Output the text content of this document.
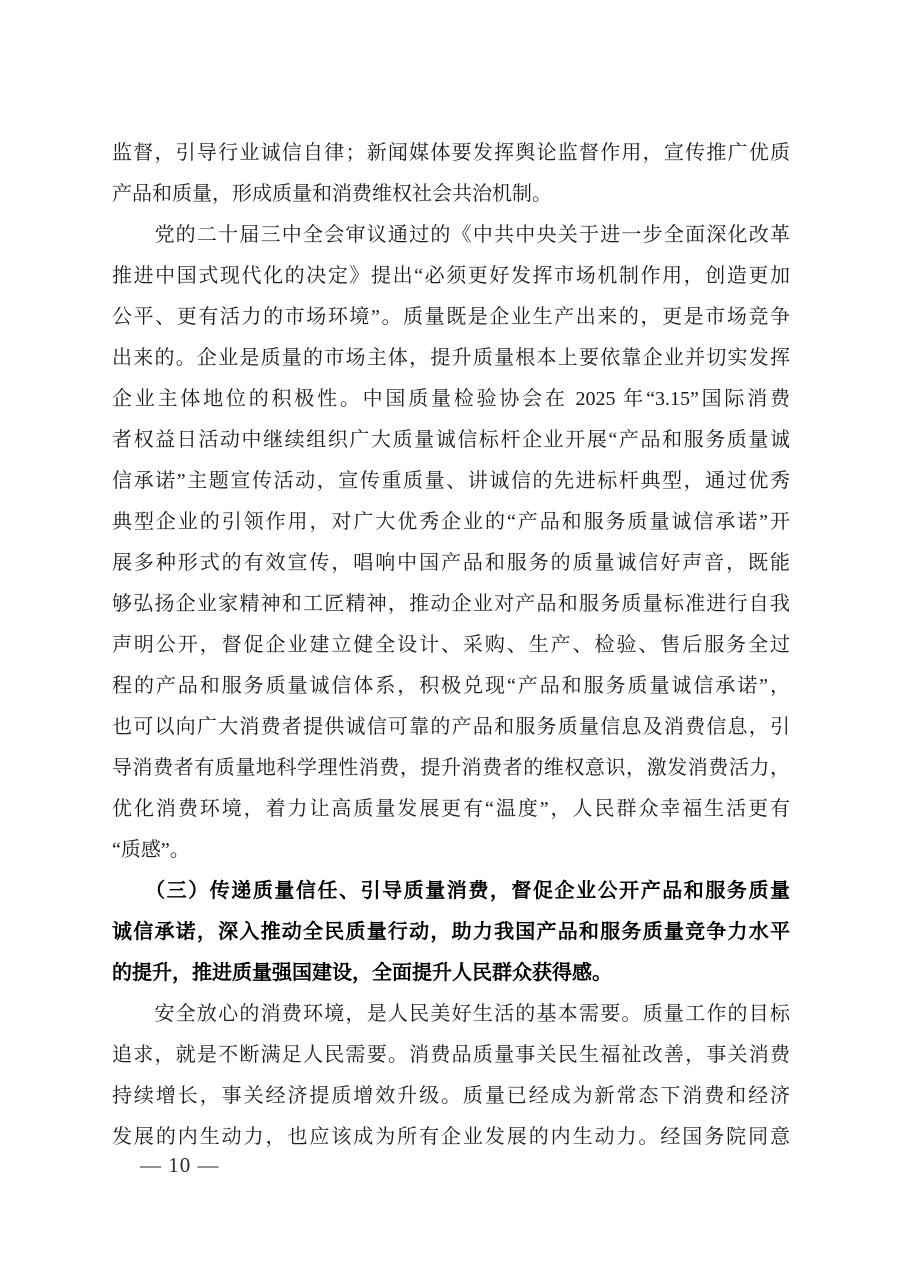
监督，引导行业诚信自律；新闻媒体要发挥舆论监督作用，宣传推广优质
产品和质量，形成质量和消费维权社会共治机制。
　　党的二十届三中全会审议通过的《中共中央关于进一步全面深化改革
推进中国式现代化的决定》提出“必须更好发挥市场机制作用，创造更加
公平、更有活力的市场环境”。质量既是企业生产出来的，更是市场竞争
出来的。企业是质量的市场主体，提升质量根本上要依靠企业并切实发挥
企业主体地位的积极性。中国质量检验协会在 2025 年“3.15”国际消费
者权益日活动中继续组织广大质量诚信标杆企业开展“产品和服务质量诚
信承诺”主题宣传活动，宣传重质量、讲诚信的先进标杆典型，通过优秀
典型企业的引领作用，对广大优秀企业的“产品和服务质量诚信承诺”开
展多种形式的有效宣传，唱响中国产品和服务的质量诚信好声音，既能
够弘扬企业家精神和工匠精神，推动企业对产品和服务质量标准进行自我
声明公开，督促企业建立健全设计、采购、生产、检验、售后服务全过
程的产品和服务质量诚信体系，积极兑现“产品和服务质量诚信承诺”，
也可以向广大消费者提供诚信可靠的产品和服务质量信息及消费信息，引
导消费者有质量地科学理性消费，提升消费者的维权意识，激发消费活力，
优化消费环境，着力让高质量发展更有“温度”，人民群众幸福生活更有
“质感”。
　　（三）传递质量信任、引导质量消费，督促企业公开产品和服务质量
诚信承诺，深入推动全民质量行动，助力我国产品和服务质量竞争力水平
的提升，推进质量强国建设，全面提升人民群众获得感。
　　安全放心的消费环境，是人民美好生活的基本需要。质量工作的目标
追求，就是不断满足人民需要。消费品质量事关民生福祉改善，事关消费
持续增长，事关经济提质增效升级。质量已经成为新常态下消费和经济
发展的内生动力，也应该成为所有企业发展的内生动力。经国务院同意
— 10 —
